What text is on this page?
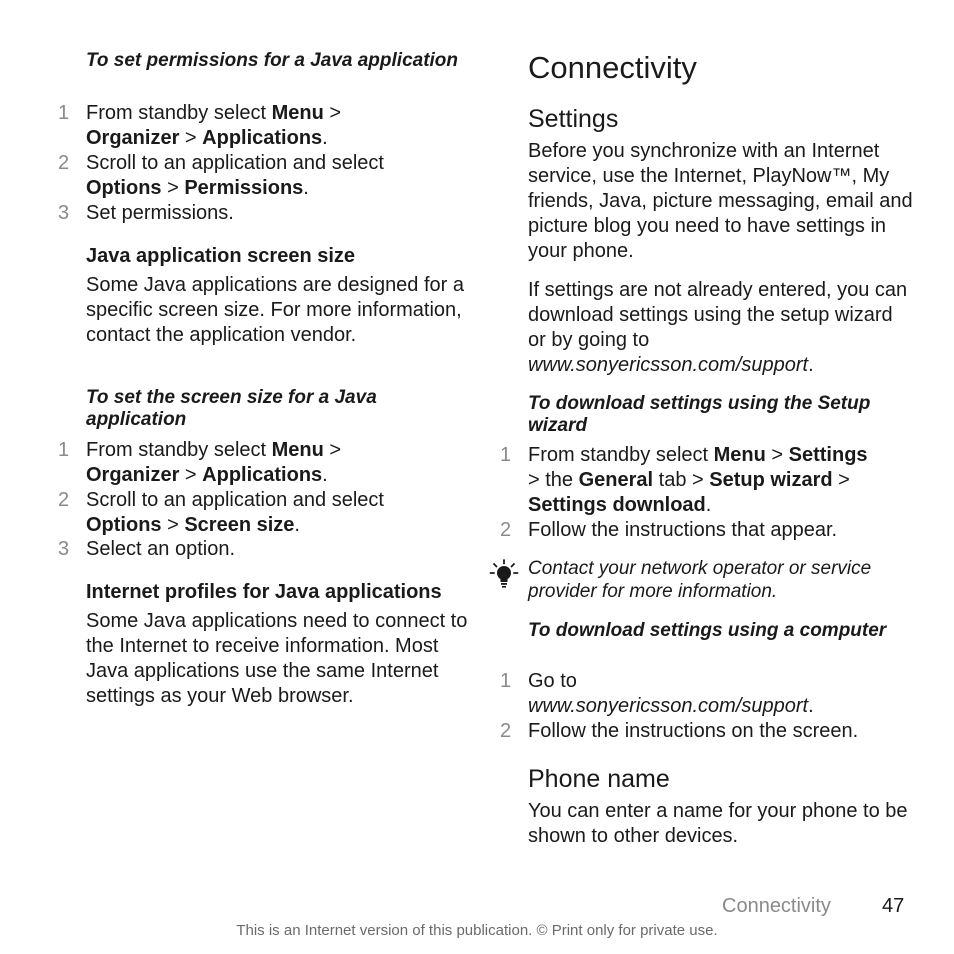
To set permissions for a Java application
1 From standby select Menu >
Organizer > Applications.
2 Scroll to an application and select
Options > Permissions.
3 Set permissions.
Java application screen size
Some Java applications are designed for a specific screen size. For more information, contact the application vendor.
To set the screen size for a Java application
1 From standby select Menu >
Organizer > Applications.
2 Scroll to an application and select
Options > Screen size.
3 Select an option.
Internet profiles for Java applications
Some Java applications need to connect to the Internet to receive information. Most Java applications use the same Internet settings as your Web browser.
Connectivity
Settings
Before you synchronize with an Internet service, use the Internet, PlayNow™, My friends, Java, picture messaging, email and picture blog you need to have settings in your phone.
If settings are not already entered, you can download settings using the setup wizard or by going to www.sonyericsson.com/support.
To download settings using the Setup wizard
1 From standby select Menu > Settings
> the General tab > Setup wizard >
Settings download.
2 Follow the instructions that appear.
Contact your network operator or service provider for more information.
To download settings using a computer
1 Go to
www.sonyericsson.com/support.
2 Follow the instructions on the screen.
Phone name
You can enter a name for your phone to be shown to other devices.
Connectivity	47
This is an Internet version of this publication. © Print only for private use.
